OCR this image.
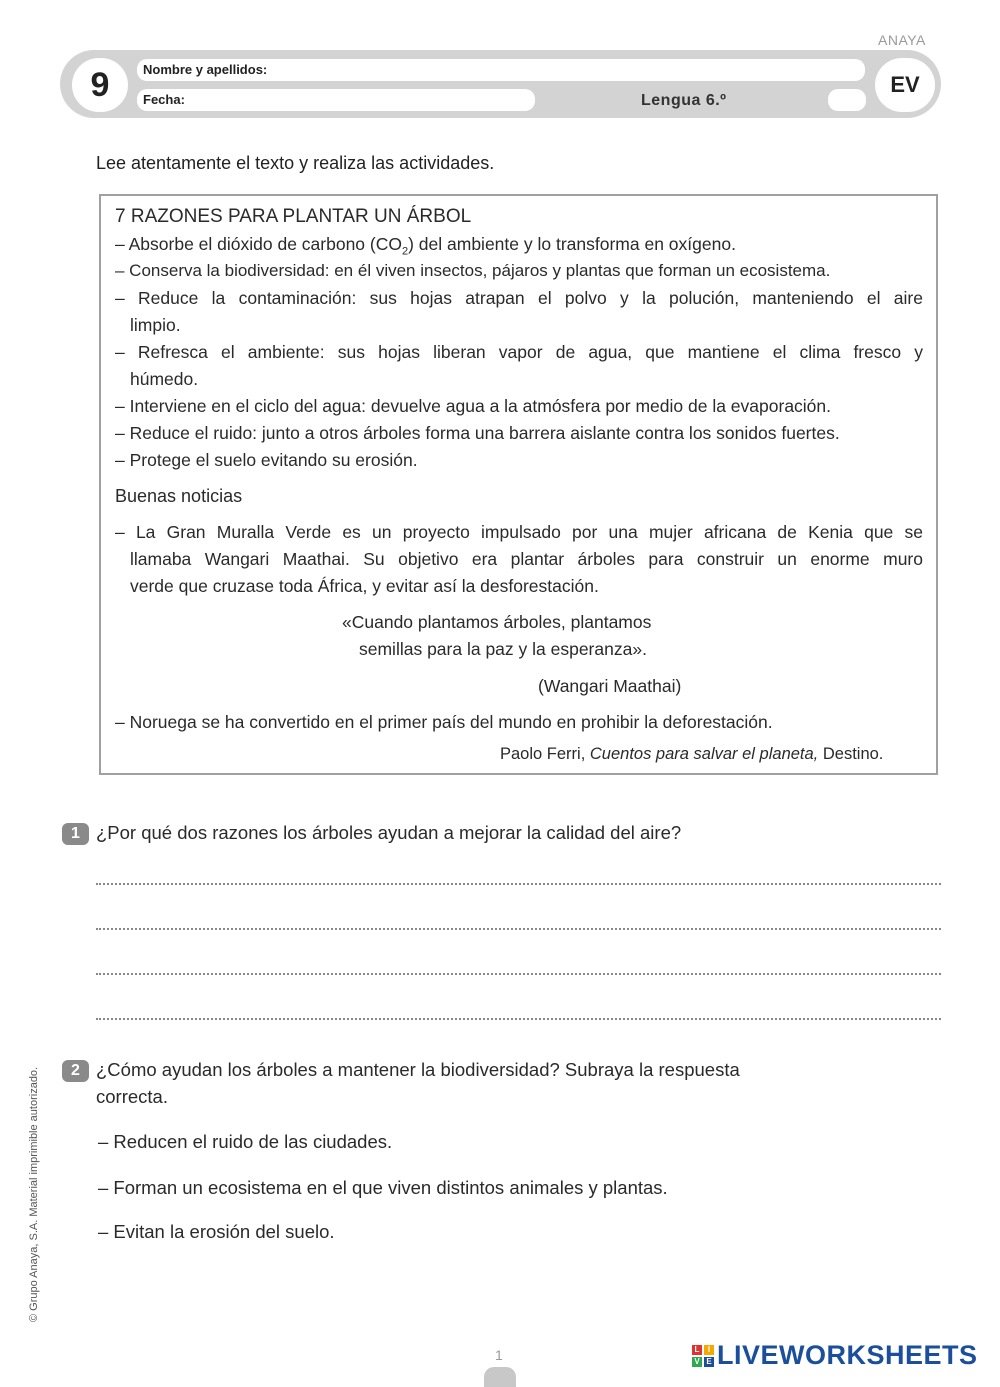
ANAYA
9	Nombre y apellidos:
Fecha:	Lengua 6.º
EV
Lee atentamente el texto y realiza las actividades.
7 RAZONES PARA PLANTAR UN ÁRBOL
– Absorbe el dióxido de carbono $(CO_2)$ del ambiente y lo transforma en oxígeno.
– Conserva la biodiversidad: en él viven insectos, pájaros y plantas que forman un ecosistema.
– Reduce la contaminación: sus hojas atrapan el polvo y la polución, manteniendo el aire
limpio.
– Refresca el ambiente: sus hojas liberan vapor de agua, que mantiene el clima fresco y
húmedo.
– Interviene en el ciclo del agua: devuelve agua a la atmósfera por medio de la evaporación.
– Reduce el ruido: junto a otros árboles forma una barrera aislante contra los sonidos fuertes.
– Protege el suelo evitando su erosión.
Buenas noticias
– La Gran Muralla Verde es un proyecto impulsado por una mujer africana de Kenia que se
llamaba Wangari Maathai. Su objetivo era plantar árboles para construir un enorme muro
verde que cruzase toda África, y evitar así la desforestación.
«Cuando plantamos árboles, plantamos
semillas para la paz y la esperanza».
(Wangari Maathai)
– Noruega se ha convertido en el primer país del mundo en prohibir la deforestación.
Paolo Ferri, Cuentos para salvar el planeta, Destino.
1 ¿Por qué dos razones los árboles ayudan a mejorar la calidad del aire?
2 ¿Cómo ayudan los árboles a mantener la biodiversidad? Subraya la respuesta
correcta.
– Reducen el ruido de las ciudades.
– Forman un ecosistema en el que viven distintos animales y plantas.
– Evitan la erosión del suelo.
© Grupo Anaya, S.A. Material imprimible autorizado.
1	L	I
V E LIVEWORKSHEETS
